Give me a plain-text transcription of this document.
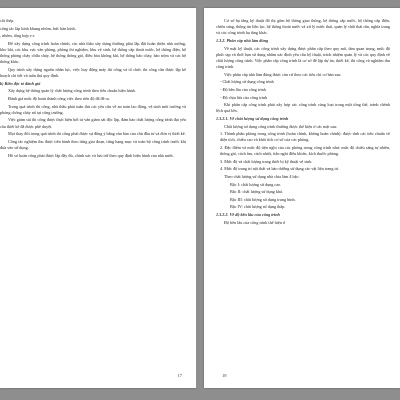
cồi thép.

công tác lắp kính khung nhôm, bức bàn kính,

, nhôm, tổng hợp v.v

Để xây dựng công trình hoàn chỉnh, các nhà thầu xây dựng thường phải lắp đặt hoàn thiện nhà xưởng, kho bãi, các khu vực văn phòng, phòng thí nghiệm, khu vệ sinh, hệ thống cấp thoát nước, hệ thống điện, hệ thống phòng cháy chữa cháy, hệ thống thông gió, điều hòa không khí, hệ thống báo cháy, báo trộm và các hệ thống khác.

Quy trình xây dựng nguồn nhân lực, việc huy động máy thi công và tổ chức thi công cần được lập kế hoạch chi tiết và tuân thủ quy định.

b) Biên độc tổ đánh giá

Xây dựng hệ thống quản lý chất lượng công trình theo tiêu chuẩn hiện hành.

Đánh giá mức độ hoàn thành công việc theo tiến độ đã đề ra.

Trong quá trình thi công, nhà thầu phải tuân thủ các yêu cầu về an toàn lao động, vệ sinh môi trường và phòng chống cháy nổ tại công trường.

Việc giám sát thi công được thực hiện bởi tư vấn giám sát độc lập, đảm bảo chất lượng công trình đạt yêu cầu thiết kế đã được phê duyệt.

Mọi thay đổi trong quá trình thi công phải được sự đồng ý bằng văn bản của chủ đầu tư và đơn vị thiết kế.

Công tác nghiệm thu được tiến hành theo từng giai đoạn, từng hạng mục và toàn bộ công trình trước khi đưa vào sử dụng.

Hồ sơ hoàn công phải được lập đầy đủ, chính xác và lưu trữ theo quy định hiện hành của nhà nước.

17

Cơ sở hạ tầng kỹ thuật đô thị gồm hệ thống giao thông, hệ thống cấp nước, hệ thống cấp điện, chiếu sáng, thông tin liên lạc, hệ thống thoát nước và xử lý nước thải, quản lý chất thải rắn, nghĩa trang và các công trình hạ tầng khác.

1.3.2. Phân cấp nhà làm đúng

Về mặt kỹ thuật, các công trình xây dựng được phân cấp theo quy mô, tầm quan trọng, mức độ phức tạp và thời hạn sử dụng nhằm xác định yêu cầu kỹ thuật, trách nhiệm quản lý và các quy định về chất lượng công trình. Việc phân cấp công trình là cơ sở để lập dự án, thiết kế, thi công và nghiệm thu công trình.

Việc phân cấp nhà làm đúng được căn cứ theo các tiêu chí cơ bản sau:

- Chất lượng sử dụng công trình

- Độ bền lâu của công trình

- Độ chịu lửa của công trình

Khi phân cấp công trình phải xây hợp các công trình cùng loại trong một tổng thể, tránh chênh lệch quá lớn.

1.3.2.1. Về chất lượng sử dụng công trình

Chất lượng sử dụng công trình thường được thể hiện ở các mặt sau:

1. Thành phần phòng trong công trình (hoàn chỉnh, không hoàn chỉnh): được tính các tiêu chuẩn về diện tích, chiều cao và khối tích cơ sở của các phòng.

2. Đặc điểm và mức độ tiện nghi của các phòng trong công trình như: mức độ chiếu sáng tự nhiên, thông gió, cách âm, cách nhiệt, tiện nghi điều khiển, kích thước phòng.

3. Mức độ và chất lượng trang thiết bị kỹ thuật vệ sinh.

4. Mức độ trang trí nội thất và bảo dưỡng sử dụng các vật liệu trang trí.

Theo chất lượng sử dụng nhà chia làm 4 bậc:

Bậc I: chất lượng sử dụng cao.

Bậc II: chất lượng sử dụng khá.

Bậc III: chất lượng sử dụng trung bình.

Bậc IV: chất lượng sử dụng thấp.

1.3.2.2. Về độ bền lâu của công trình

Độ bền lâu của công trình thể hiện ở

18
